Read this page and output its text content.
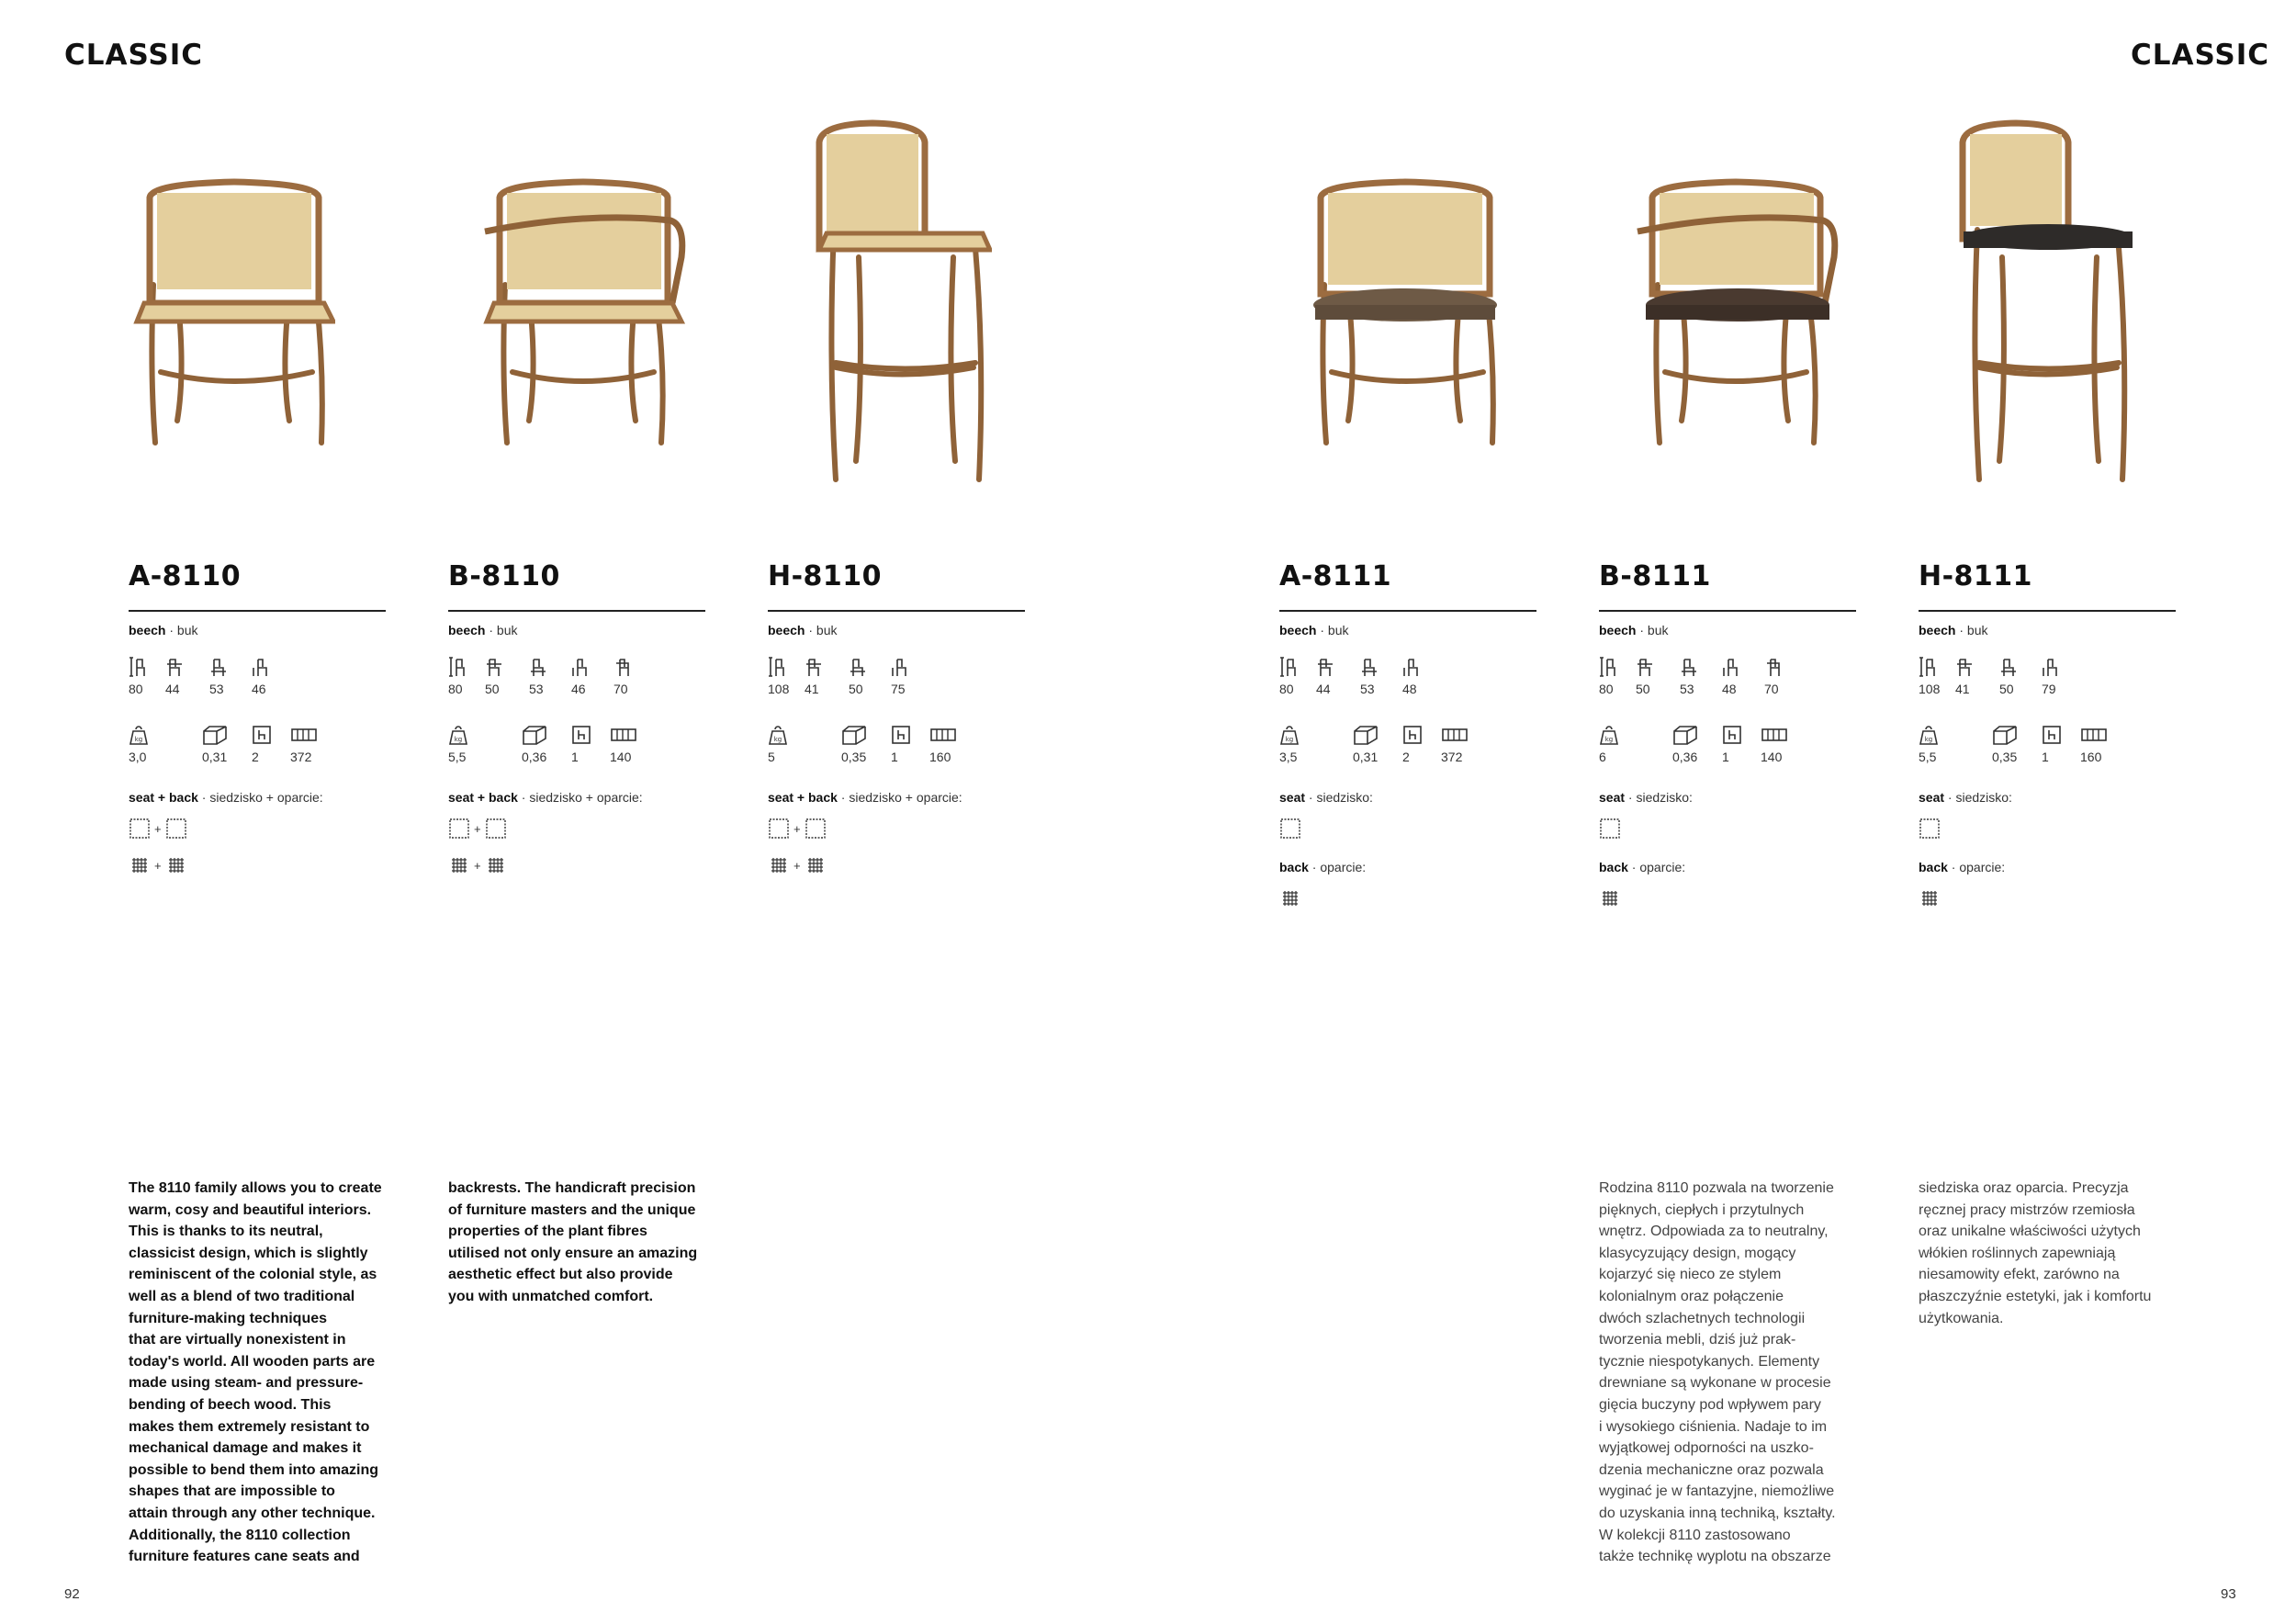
CLASSIC	CLASSIC
A-8110
beech · buk
80 44 53 46
kg
3,0	0,31 2 372
seat + back · siedzisko + oparcie:
+
+
B-8110
beech · buk
80 50 53 46 70
kg
5,5	0,36 1 140
seat + back · siedzisko + oparcie:
+
+
H-8110
beech · buk
108 41 50 75
kg
5	0,35 1 160
seat + back · siedzisko + oparcie:
+
+
A-8111
beech · buk
80 44 53 48
kg
3,5	0,31 2 372
seat · siedzisko:
back · oparcie:
B-8111
beech · buk
80 50 53 48 70
kg
6	0,36 1 140
seat · siedzisko:
back · oparcie:
H-8111
beech · buk
108 41 50 79
kg
5,5	0,35 1 160
seat · siedzisko:
back · oparcie:

The 8110 family allows you to create
warm, cosy and beautiful interiors.
This is thanks to its neutral,
classicist design, which is slightly
reminiscent of the colonial style, as
well as a blend of two traditional
furniture-making techniques
that are virtually nonexistent in
today's world. All wooden parts are
made using steam- and pressure-
bending of beech wood. This
makes them extremely resistant to
mechanical damage and makes it
possible to bend them into amazing
shapes that are impossible to
attain through any other technique.
Additionally, the 8110 collection
furniture features cane seats and

backrests. The handicraft precision
of furniture masters and the unique
properties of the plant fibres
utilised not only ensure an amazing
aesthetic effect but also provide
you with unmatched comfort.

Rodzina 8110 pozwala na tworzenie
pięknych, ciepłych i przytulnych
wnętrz. Odpowiada za to neutralny,
klasycyzujący design, mogący
kojarzyć się nieco ze stylem
kolonialnym oraz połączenie
dwóch szlachetnych technologii
tworzenia mebli, dziś już prak-
tycznie niespotykanych. Elementy
drewniane są wykonane w procesie
gięcia buczyny pod wpływem pary
i wysokiego ciśnienia. Nadaje to im
wyjątkowej odporności na uszko-
dzenia mechaniczne oraz pozwala
wyginać je w fantazyjne, niemożliwe
do uzyskania inną techniką, kształty.
W kolekcji 8110 zastosowano
także technikę wyplotu na obszarze

siedziska oraz oparcia. Precyzja
ręcznej pracy mistrzów rzemiosła
oraz unikalne właściwości użytych
włókien roślinnych zapewniają
niesamowity efekt, zarówno na
płaszczyźnie estetyki, jak i komfortu
użytkowania.

92	93
